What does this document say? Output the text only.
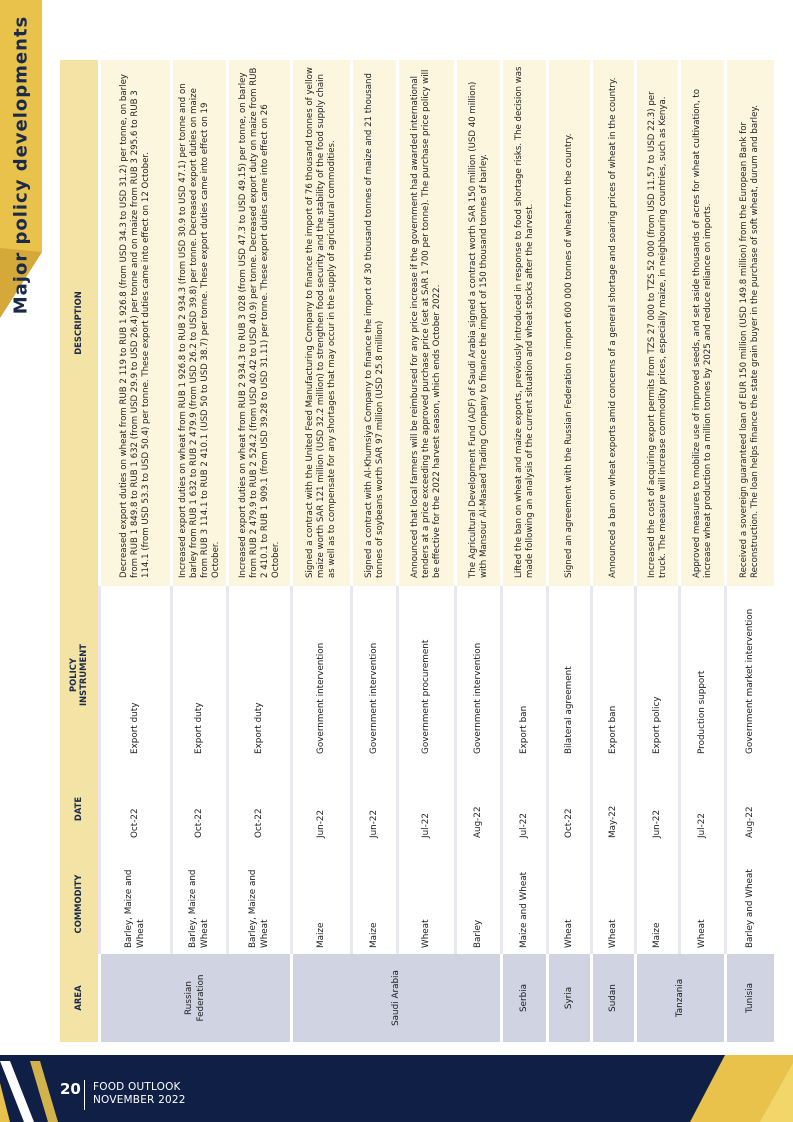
Major policy developments
AREA	COMMODITY	DATE	POLICY INSTRUMENT	DESCRIPTION
Russian Federation	Barley, Maize and Wheat	Oct-22	Export duty	Decreased export duties on wheat from RUB 2 119 to RUB 1 926.8 (from USD 34.3 to USD 31.2) per tonne, on barley from RUB 1 849.8 to RUB 1 632 (from USD 29.9 to USD 26.4) per tonne and on maize from RUB 3 295.6 to RUB 3 114.1 (from USD 53.3 to USD 50.4) per tonne. These export duties came into effect on 12 October.
	Barley, Maize and Wheat	Oct-22	Export duty	Increased export duties on wheat from RUB 1 926.8 to RUB 2 934.3 (from USD 30.9 to USD 47.1) per tonne and on barley from RUB 1 632 to RUB 2 479.9 (from USD 26.2 to USD 39.8) per tonne. Decreased export duties on maize from RUB 3 114.1 to RUB 2 410.1 (USD 50 to USD 38.7) per tonne. These export duties came into effect on 19 October.
	Barley, Maize and Wheat	Oct-22	Export duty	Increased export duties on wheat from RUB 2 934.3 to RUB 3 028 (from USD 47.3 to USD 49.15) per tonne, on barley from RUB 2 479.9 to RUB 2 524.2 (from USD 40.42 to USD 40.9) per tonne. Decreased export duty on maize from RUB 2 410.1 to RUB 1 909.1 (from USD 39.28 to USD 31.11) per tonne. These export duties came into effect on 26 October.
Saudi Arabia	Maize	Jun-22	Government intervention	Signed a contract with the United Feed Manufacturing Company to finance the import of 76 thousand tonnes of yellow maize worth SAR 121 million (USD 32.2 million) to strengthen food security and the stability of the food supply chain as well as to compensate for any shortages that may occur in the supply of agricultural commodities.
	Maize	Jun-22	Government intervention	Signed a contract with Al-Khumsiya Company to finance the import of 30 thousand tonnes of maize and 21 thousand tonnes of soybeans worth SAR 97 million (USD 25.8 million)
	Wheat	Jul-22	Government procurement	Announced that local farmers will be reimbursed for any price increase if the government had awarded international tenders at a price exceeding the approved purchase price (set at SAR 1 700 per tonne). The purchase price policy will be effective for the 2022 harvest season, which ends October 2022.
	Barley	Aug-22	Government intervention	The Agricultural Development Fund (ADF) of Saudi Arabia signed a contract worth SAR 150 million (USD 40 million) with Mansour Al-Masaed Trading Company to finance the import of 150 thousand tonnes of barley.
Serbia	Maize and Wheat	Jul-22	Export ban	Lifted the ban on wheat and maize exports, previously introduced in response to food shortage risks. The decision was made following an analysis of the current situation and wheat stocks after the harvest.
Syria	Wheat	Oct-22	Bilateral agreement	Signed an agreement with the Russian Federation to import 600 000 tonnes of wheat from the country.
Sudan	Wheat	May-22	Export ban	Announced a ban on wheat exports amid concerns of a general shortage and soaring prices of wheat in the country.
Tanzania	Maize	Jun-22	Export policy	Increased the cost of acquiring export permits from TZS 27 000 to TZS 52 000 (from USD 11.57 to USD 22.3) per truck. The measure will increase commodity prices, especially maize, in neighbouring countries, such as Kenya.
	Wheat	Jul-22	Production support	Approved measures to mobilize use of improved seeds, and set aside thousands of acres for wheat cultivation, to increase wheat production to a million tonnes by 2025 and reduce reliance on imports.
Tunisia	Barley and Wheat	Aug-22	Government market intervention	Received a sovereign guaranteed loan of EUR 150 million (USD 149.8 million) from the European Bank for Reconstruction. The loan helps finance the state grain buyer in the purchase of soft wheat, durum and barley.
20 FOOD OUTLOOK
NOVEMBER 2022
